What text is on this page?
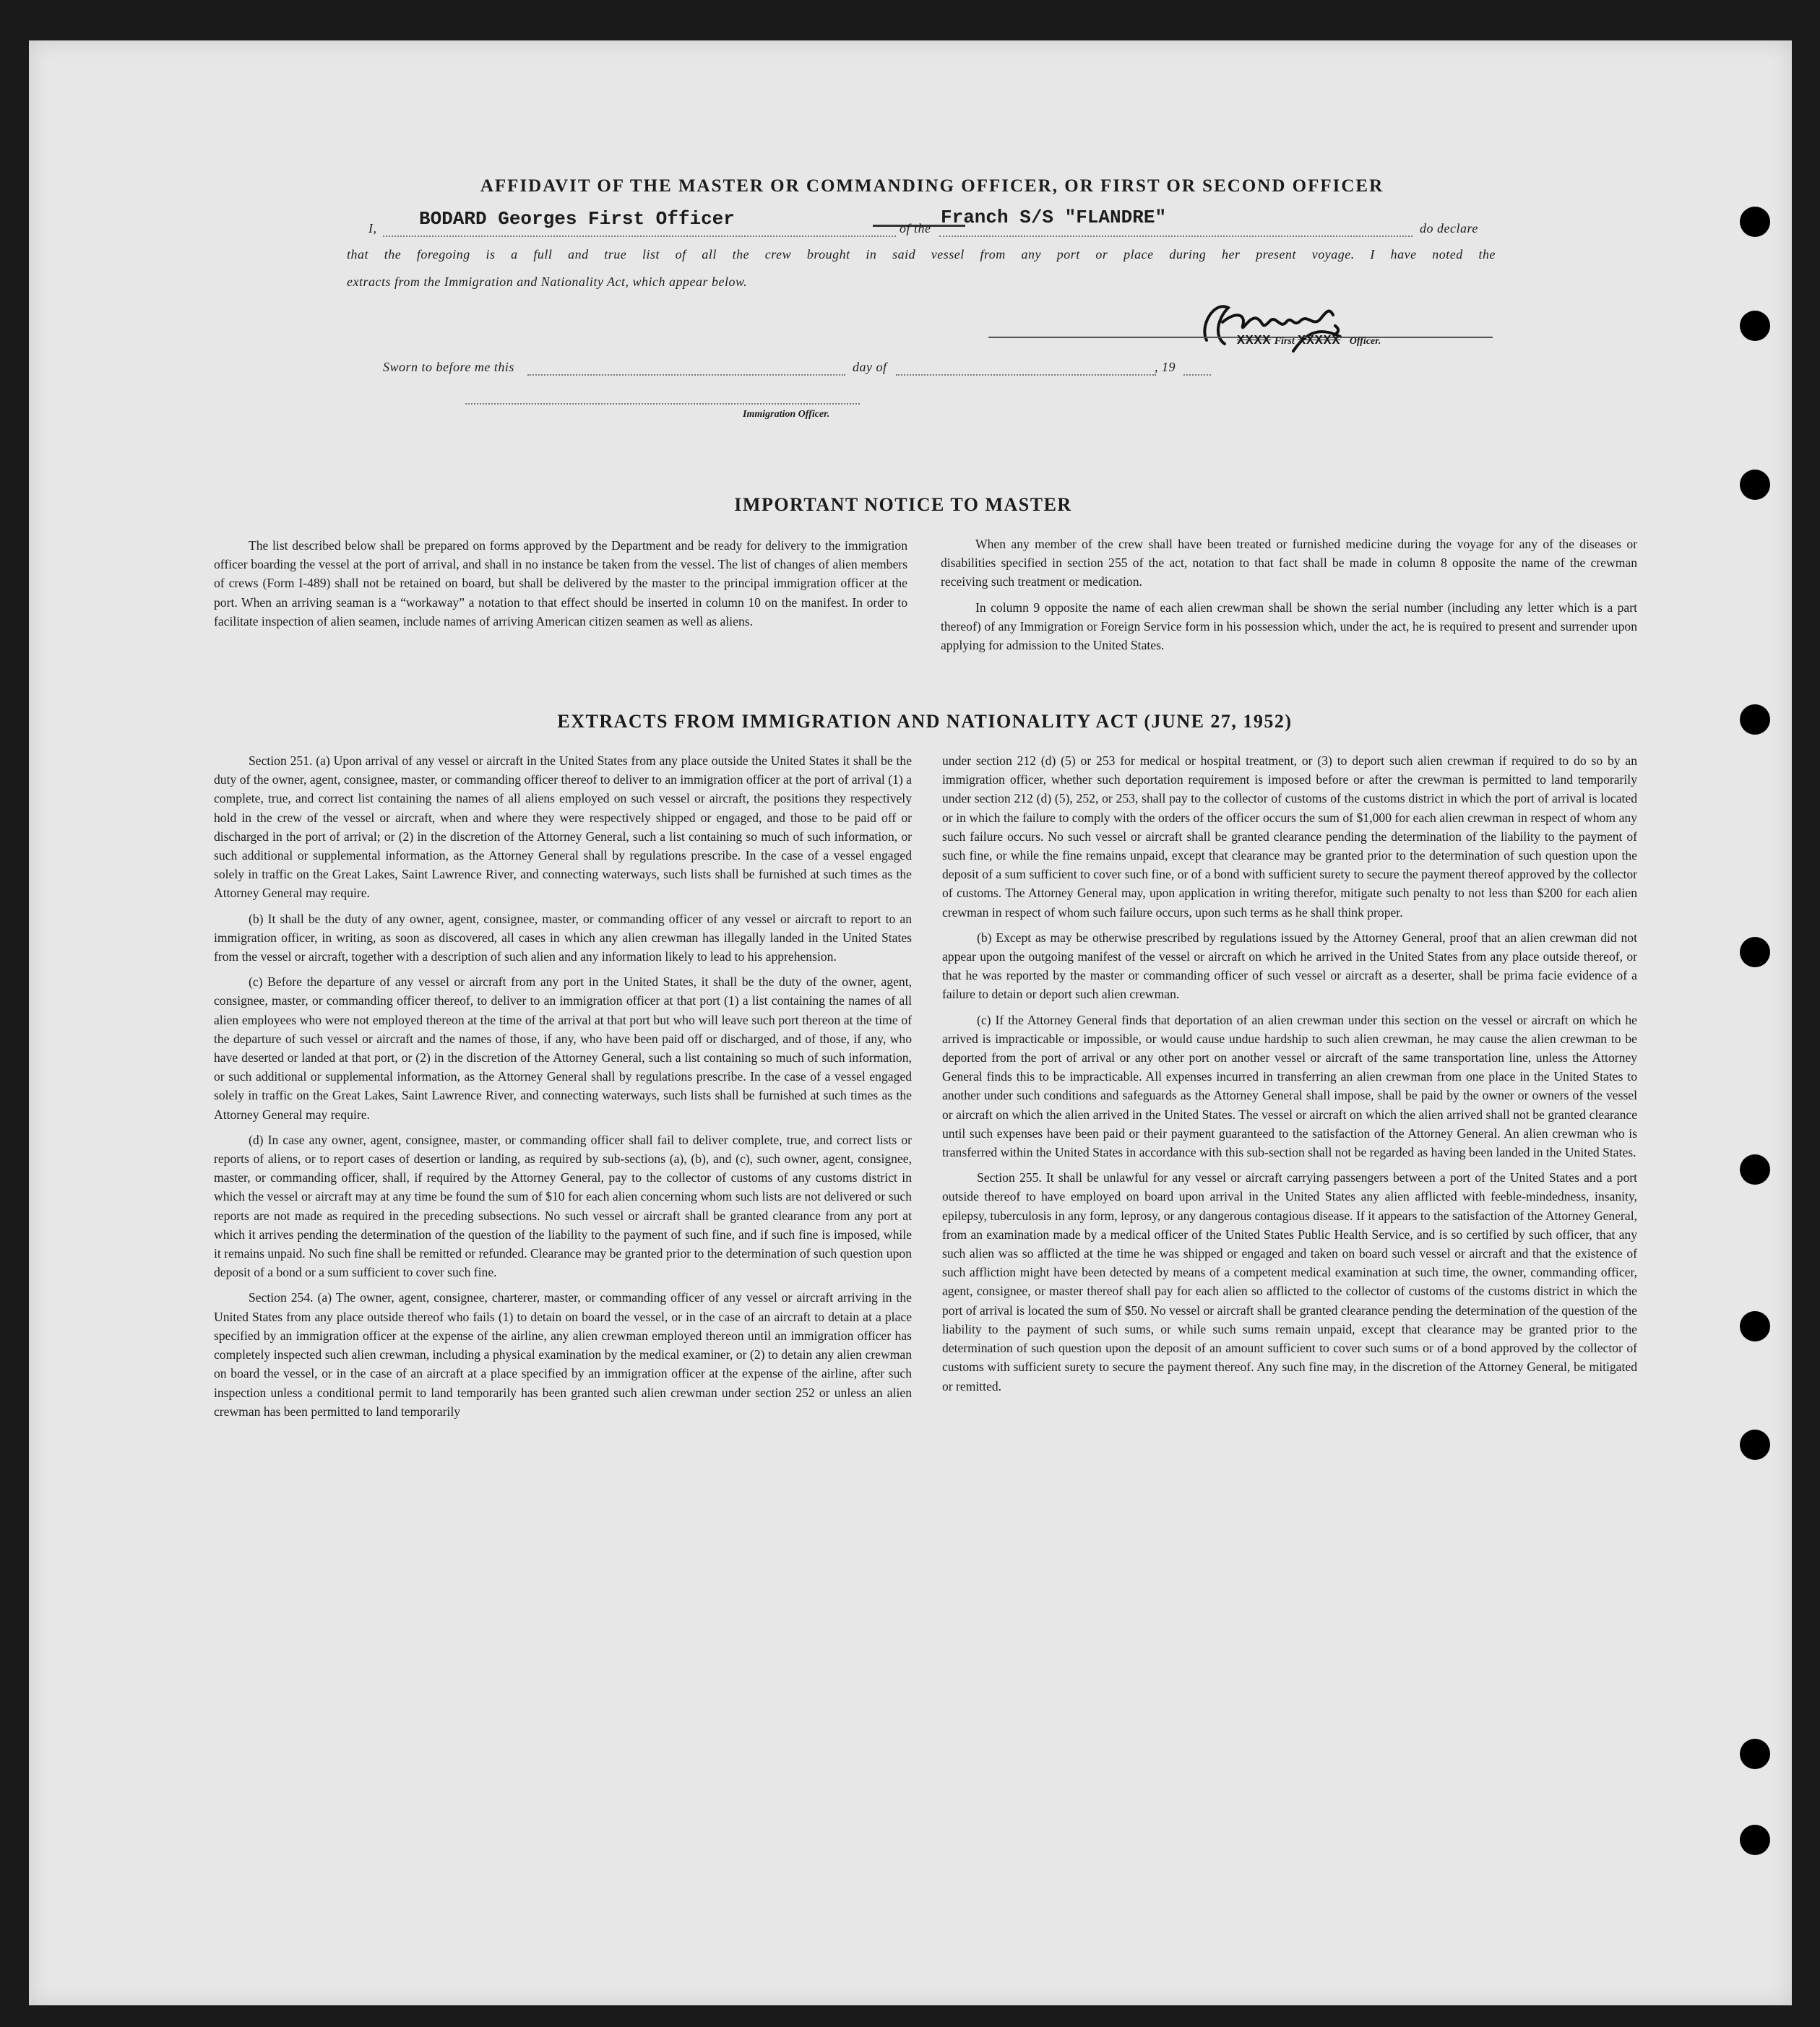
AFFIDAVIT OF THE MASTER OR COMMANDING OFFICER, OR FIRST OR SECOND OFFICER
I, BODARD Georges First Officer	of the Franch S/S "FLANDRE"	do declare
that the foregoing is a full and true list of all the crew brought in said vessel from any port or place during her present voyage. I have noted the
extracts from the Immigration and Nationality Act, which appear below.
XXXX First XXXXX Officer.
Sworn to before me this	day of	, 19
Immigration Officer.
IMPORTANT NOTICE TO MASTER

The list described below shall be prepared on forms approved by the Department and be ready for delivery to the immigration officer boarding the vessel at the port of arrival, and shall in no instance be taken from the vessel. The list of changes of alien members of crews (Form I-489) shall not be retained on board, but shall be delivered by the master to the principal immigration officer at the port. When an arriving seaman is a “workaway” a notation to that effect should be inserted in column 10 on the manifest. In order to facilitate inspection of alien seamen, include names of arriving American citizen seamen as well as aliens.

When any member of the crew shall have been treated or furnished medicine during the voyage for any of the diseases or disabilities specified in section 255 of the act, notation to that fact shall be made in column 8 opposite the name of the crewman receiving such treatment or medication.

In column 9 opposite the name of each alien crewman shall be shown the serial number (including any letter which is a part thereof) of any Immigration or Foreign Service form in his possession which, under the act, he is required to present and surrender upon applying for admission to the United States.

EXTRACTS FROM IMMIGRATION AND NATIONALITY ACT (JUNE 27, 1952)

Section 251. (a) Upon arrival of any vessel or aircraft in the United States from any place outside the United States it shall be the duty of the owner, agent, consignee, master, or commanding officer thereof to deliver to an immigration officer at the port of arrival (1) a complete, true, and correct list containing the names of all aliens employed on such vessel or aircraft, the positions they respectively hold in the crew of the vessel or aircraft, when and where they were respectively shipped or engaged, and those to be paid off or discharged in the port of arrival; or (2) in the discretion of the Attorney General, such a list containing so much of such information, or such additional or supplemental information, as the Attorney General shall by regulations prescribe. In the case of a vessel engaged solely in traffic on the Great Lakes, Saint Lawrence River, and connecting waterways, such lists shall be furnished at such times as the Attorney General may require.

(b) It shall be the duty of any owner, agent, consignee, master, or commanding officer of any vessel or aircraft to report to an immigration officer, in writing, as soon as discovered, all cases in which any alien crewman has illegally landed in the United States from the vessel or aircraft, together with a description of such alien and any information likely to lead to his apprehension.

(c) Before the departure of any vessel or aircraft from any port in the United States, it shall be the duty of the owner, agent, consignee, master, or commanding officer thereof, to deliver to an immigration officer at that port (1) a list containing the names of all alien employees who were not employed thereon at the time of the arrival at that port but who will leave such port thereon at the time of the departure of such vessel or aircraft and the names of those, if any, who have been paid off or discharged, and of those, if any, who have deserted or landed at that port, or (2) in the discretion of the Attorney General, such a list containing so much of such information, or such additional or supplemental information, as the Attorney General shall by regulations prescribe. In the case of a vessel engaged solely in traffic on the Great Lakes, Saint Lawrence River, and connecting waterways, such lists shall be furnished at such times as the Attorney General may require.

(d) In case any owner, agent, consignee, master, or commanding officer shall fail to deliver complete, true, and correct lists or reports of aliens, or to report cases of desertion or landing, as required by sub-sections (a), (b), and (c), such owner, agent, consignee, master, or commanding officer, shall, if required by the Attorney General, pay to the collector of customs of any customs district in which the vessel or aircraft may at any time be found the sum of $10 for each alien concerning whom such lists are not delivered or such reports are not made as required in the preceding subsections. No such vessel or aircraft shall be granted clearance from any port at which it arrives pending the determination of the question of the liability to the payment of such fine, and if such fine is imposed, while it remains unpaid. No such fine shall be remitted or refunded. Clearance may be granted prior to the determination of such question upon deposit of a bond or a sum sufficient to cover such fine.

Section 254. (a) The owner, agent, consignee, charterer, master, or commanding officer of any vessel or aircraft arriving in the United States from any place outside thereof who fails (1) to detain on board the vessel, or in the case of an aircraft to detain at a place specified by an immigration officer at the expense of the airline, any alien crewman employed thereon until an immigration officer has completely inspected such alien crewman, including a physical examination by the medical examiner, or (2) to detain any alien crewman on board the vessel, or in the case of an aircraft at a place specified by an immigration officer at the expense of the airline, after such inspection unless a conditional permit to land temporarily has been granted such alien crewman under section 252 or unless an alien crewman has been permitted to land temporarily

under section 212 (d) (5) or 253 for medical or hospital treatment, or (3) to deport such alien crewman if required to do so by an immigration officer, whether such deportation requirement is imposed before or after the crewman is permitted to land temporarily under section 212 (d) (5), 252, or 253, shall pay to the collector of customs of the customs district in which the port of arrival is located or in which the failure to comply with the orders of the officer occurs the sum of $1,000 for each alien crewman in respect of whom any such failure occurs. No such vessel or aircraft shall be granted clearance pending the determination of the liability to the payment of such fine, or while the fine remains unpaid, except that clearance may be granted prior to the determination of such question upon the deposit of a sum sufficient to cover such fine, or of a bond with sufficient surety to secure the payment thereof approved by the collector of customs. The Attorney General may, upon application in writing therefor, mitigate such penalty to not less than $200 for each alien crewman in respect of whom such failure occurs, upon such terms as he shall think proper.

(b) Except as may be otherwise prescribed by regulations issued by the Attorney General, proof that an alien crewman did not appear upon the outgoing manifest of the vessel or aircraft on which he arrived in the United States from any place outside thereof, or that he was reported by the master or commanding officer of such vessel or aircraft as a deserter, shall be prima facie evidence of a failure to detain or deport such alien crewman.

(c) If the Attorney General finds that deportation of an alien crewman under this section on the vessel or aircraft on which he arrived is impracticable or impossible, or would cause undue hardship to such alien crewman, he may cause the alien crewman to be deported from the port of arrival or any other port on another vessel or aircraft of the same transportation line, unless the Attorney General finds this to be impracticable. All expenses incurred in transferring an alien crewman from one place in the United States to another under such conditions and safeguards as the Attorney General shall impose, shall be paid by the owner or owners of the vessel or aircraft on which the alien arrived in the United States. The vessel or aircraft on which the alien arrived shall not be granted clearance until such expenses have been paid or their payment guaranteed to the satisfaction of the Attorney General. An alien crewman who is transferred within the United States in accordance with this sub-section shall not be regarded as having been landed in the United States.

Section 255. It shall be unlawful for any vessel or aircraft carrying passengers between a port of the United States and a port outside thereof to have employed on board upon arrival in the United States any alien afflicted with feeble-mindedness, insanity, epilepsy, tuberculosis in any form, leprosy, or any dangerous contagious disease. If it appears to the satisfaction of the Attorney General, from an examination made by a medical officer of the United States Public Health Service, and is so certified by such officer, that any such alien was so afflicted at the time he was shipped or engaged and taken on board such vessel or aircraft and that the existence of such affliction might have been detected by means of a competent medical examination at such time, the owner, commanding officer, agent, consignee, or master thereof shall pay for each alien so afflicted to the collector of customs of the customs district in which the port of arrival is located the sum of $50. No vessel or aircraft shall be granted clearance pending the determination of the question of the liability to the payment of such sums, or while such sums remain unpaid, except that clearance may be granted prior to the determination of such question upon the deposit of an amount sufficient to cover such sums or of a bond approved by the collector of customs with sufficient surety to secure the payment thereof. Any such fine may, in the discretion of the Attorney General, be mitigated or remitted.
